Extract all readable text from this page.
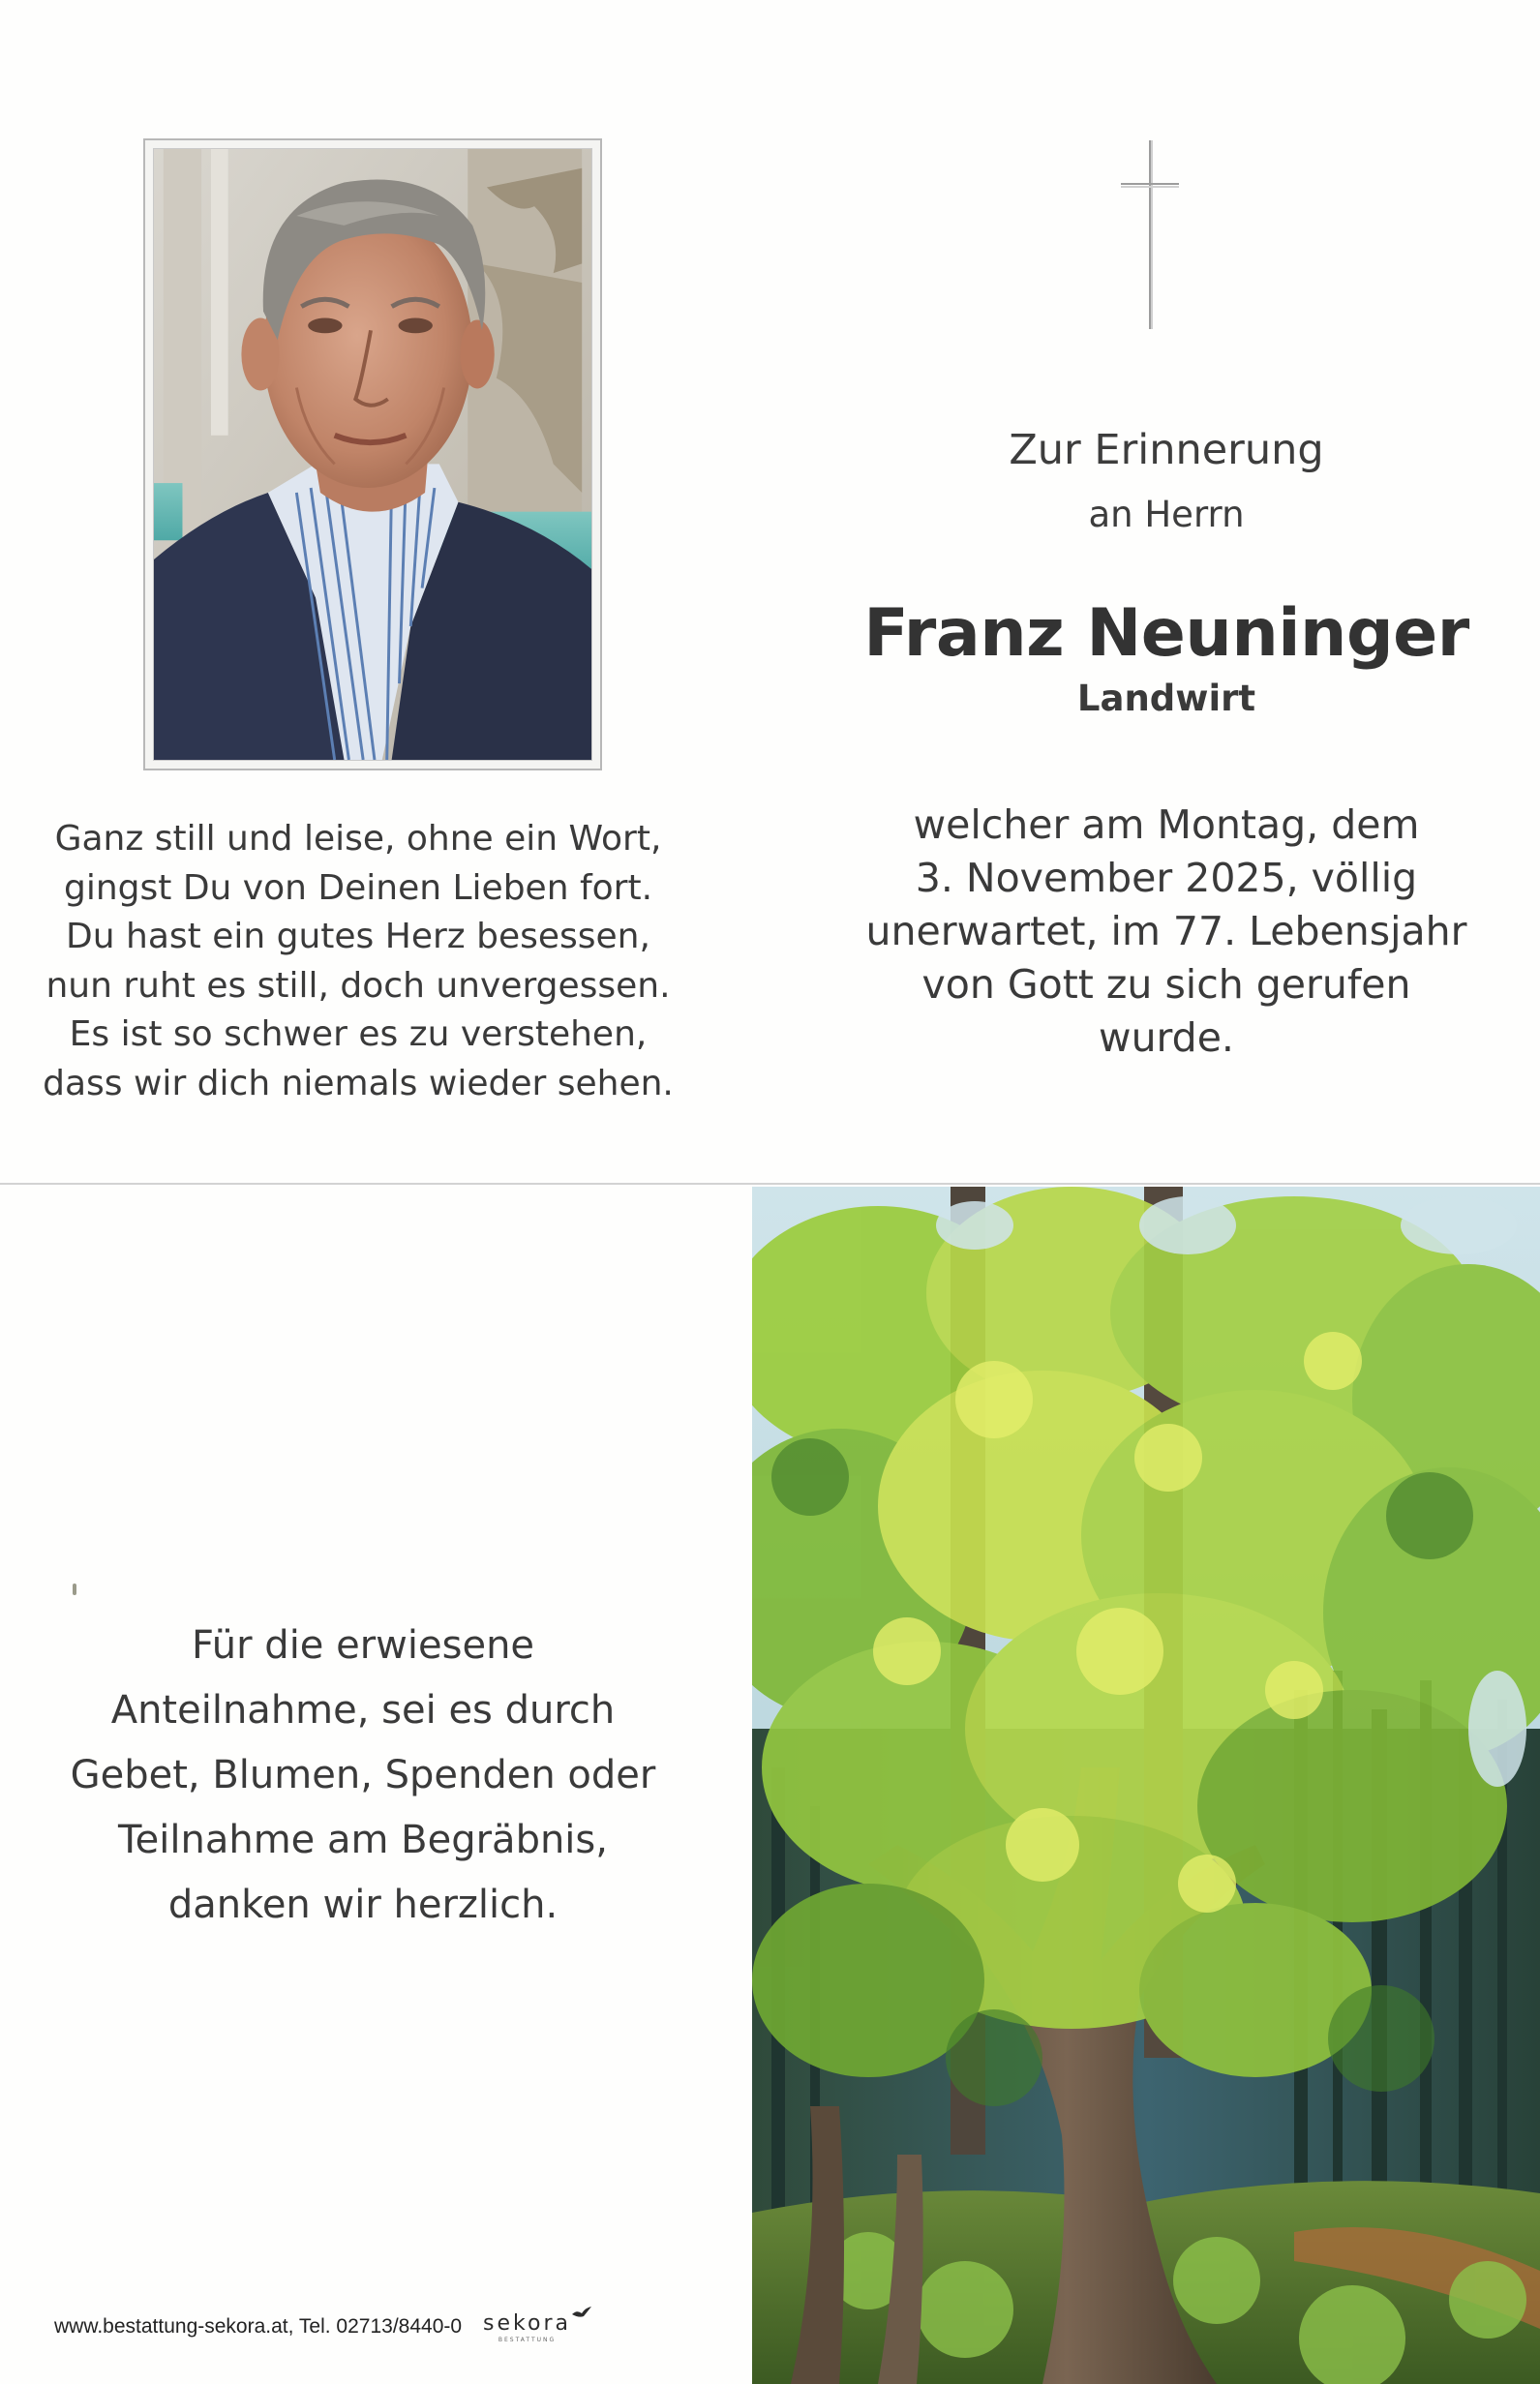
Zur Erinnerung
an Herrn
Franz Neuninger
Landwirt
welcher am Montag, dem
3. November 2025, völlig
unerwartet, im 77. Lebensjahr
von Gott zu sich gerufen
wurde.
Ganz still und leise, ohne ein Wort,
gingst Du von Deinen Lieben fort.
Du hast ein gutes Herz besessen,
nun ruht es still, doch unvergessen.
Es ist so schwer es zu verstehen,
dass wir dich niemals wieder sehen.
Für die erwiesene
Anteilnahme, sei es durch
Gebet, Blumen, Spenden oder
Teilnahme am Begräbnis,
danken wir herzlich.
www.bestattung-sekora.at, Tel. 02713/8440-0 sekora
BESTATTUNG
